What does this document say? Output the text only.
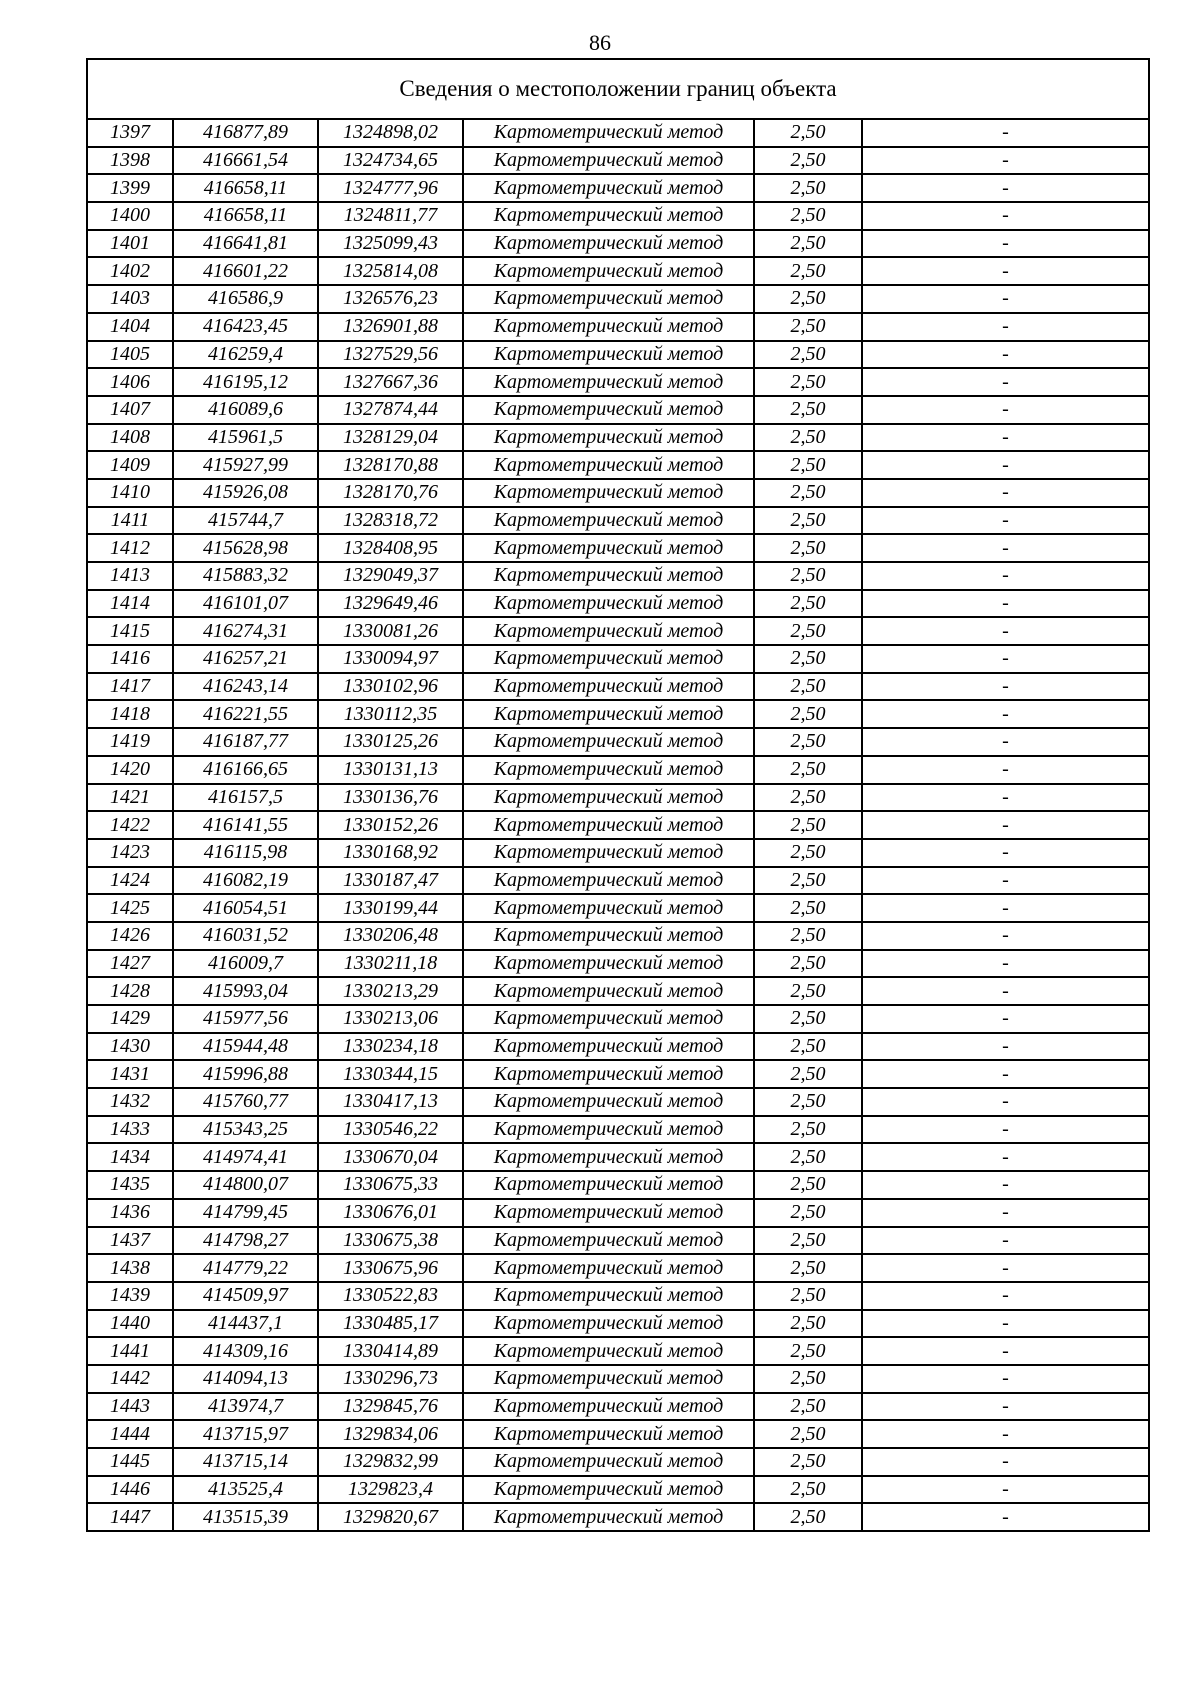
86
Сведения о местоположении границ объекта					
1397	416877,89	1324898,02	Картометрический метод	2,50	-
1398	416661,54	1324734,65	Картометрический метод	2,50	-
1399	416658,11	1324777,96	Картометрический метод	2,50	-
1400	416658,11	1324811,77	Картометрический метод	2,50	-
1401	416641,81	1325099,43	Картометрический метод	2,50	-
1402	416601,22	1325814,08	Картометрический метод	2,50	-
1403	416586,9	1326576,23	Картометрический метод	2,50	-
1404	416423,45	1326901,88	Картометрический метод	2,50	-
1405	416259,4	1327529,56	Картометрический метод	2,50	-
1406	416195,12	1327667,36	Картометрический метод	2,50	-
1407	416089,6	1327874,44	Картометрический метод	2,50	-
1408	415961,5	1328129,04	Картометрический метод	2,50	-
1409	415927,99	1328170,88	Картометрический метод	2,50	-
1410	415926,08	1328170,76	Картометрический метод	2,50	-
1411	415744,7	1328318,72	Картометрический метод	2,50	-
1412	415628,98	1328408,95	Картометрический метод	2,50	-
1413	415883,32	1329049,37	Картометрический метод	2,50	-
1414	416101,07	1329649,46	Картометрический метод	2,50	-
1415	416274,31	1330081,26	Картометрический метод	2,50	-
1416	416257,21	1330094,97	Картометрический метод	2,50	-
1417	416243,14	1330102,96	Картометрический метод	2,50	-
1418	416221,55	1330112,35	Картометрический метод	2,50	-
1419	416187,77	1330125,26	Картометрический метод	2,50	-
1420	416166,65	1330131,13	Картометрический метод	2,50	-
1421	416157,5	1330136,76	Картометрический метод	2,50	-
1422	416141,55	1330152,26	Картометрический метод	2,50	-
1423	416115,98	1330168,92	Картометрический метод	2,50	-
1424	416082,19	1330187,47	Картометрический метод	2,50	-
1425	416054,51	1330199,44	Картометрический метод	2,50	-
1426	416031,52	1330206,48	Картометрический метод	2,50	-
1427	416009,7	1330211,18	Картометрический метод	2,50	-
1428	415993,04	1330213,29	Картометрический метод	2,50	-
1429	415977,56	1330213,06	Картометрический метод	2,50	-
1430	415944,48	1330234,18	Картометрический метод	2,50	-
1431	415996,88	1330344,15	Картометрический метод	2,50	-
1432	415760,77	1330417,13	Картометрический метод	2,50	-
1433	415343,25	1330546,22	Картометрический метод	2,50	-
1434	414974,41	1330670,04	Картометрический метод	2,50	-
1435	414800,07	1330675,33	Картометрический метод	2,50	-
1436	414799,45	1330676,01	Картометрический метод	2,50	-
1437	414798,27	1330675,38	Картометрический метод	2,50	-
1438	414779,22	1330675,96	Картометрический метод	2,50	-
1439	414509,97	1330522,83	Картометрический метод	2,50	-
1440	414437,1	1330485,17	Картометрический метод	2,50	-
1441	414309,16	1330414,89	Картометрический метод	2,50	-
1442	414094,13	1330296,73	Картометрический метод	2,50	-
1443	413974,7	1329845,76	Картометрический метод	2,50	-
1444	413715,97	1329834,06	Картометрический метод	2,50	-
1445	413715,14	1329832,99	Картометрический метод	2,50	-
1446	413525,4	1329823,4	Картометрический метод	2,50	-
1447	413515,39	1329820,67	Картометрический метод	2,50	-
